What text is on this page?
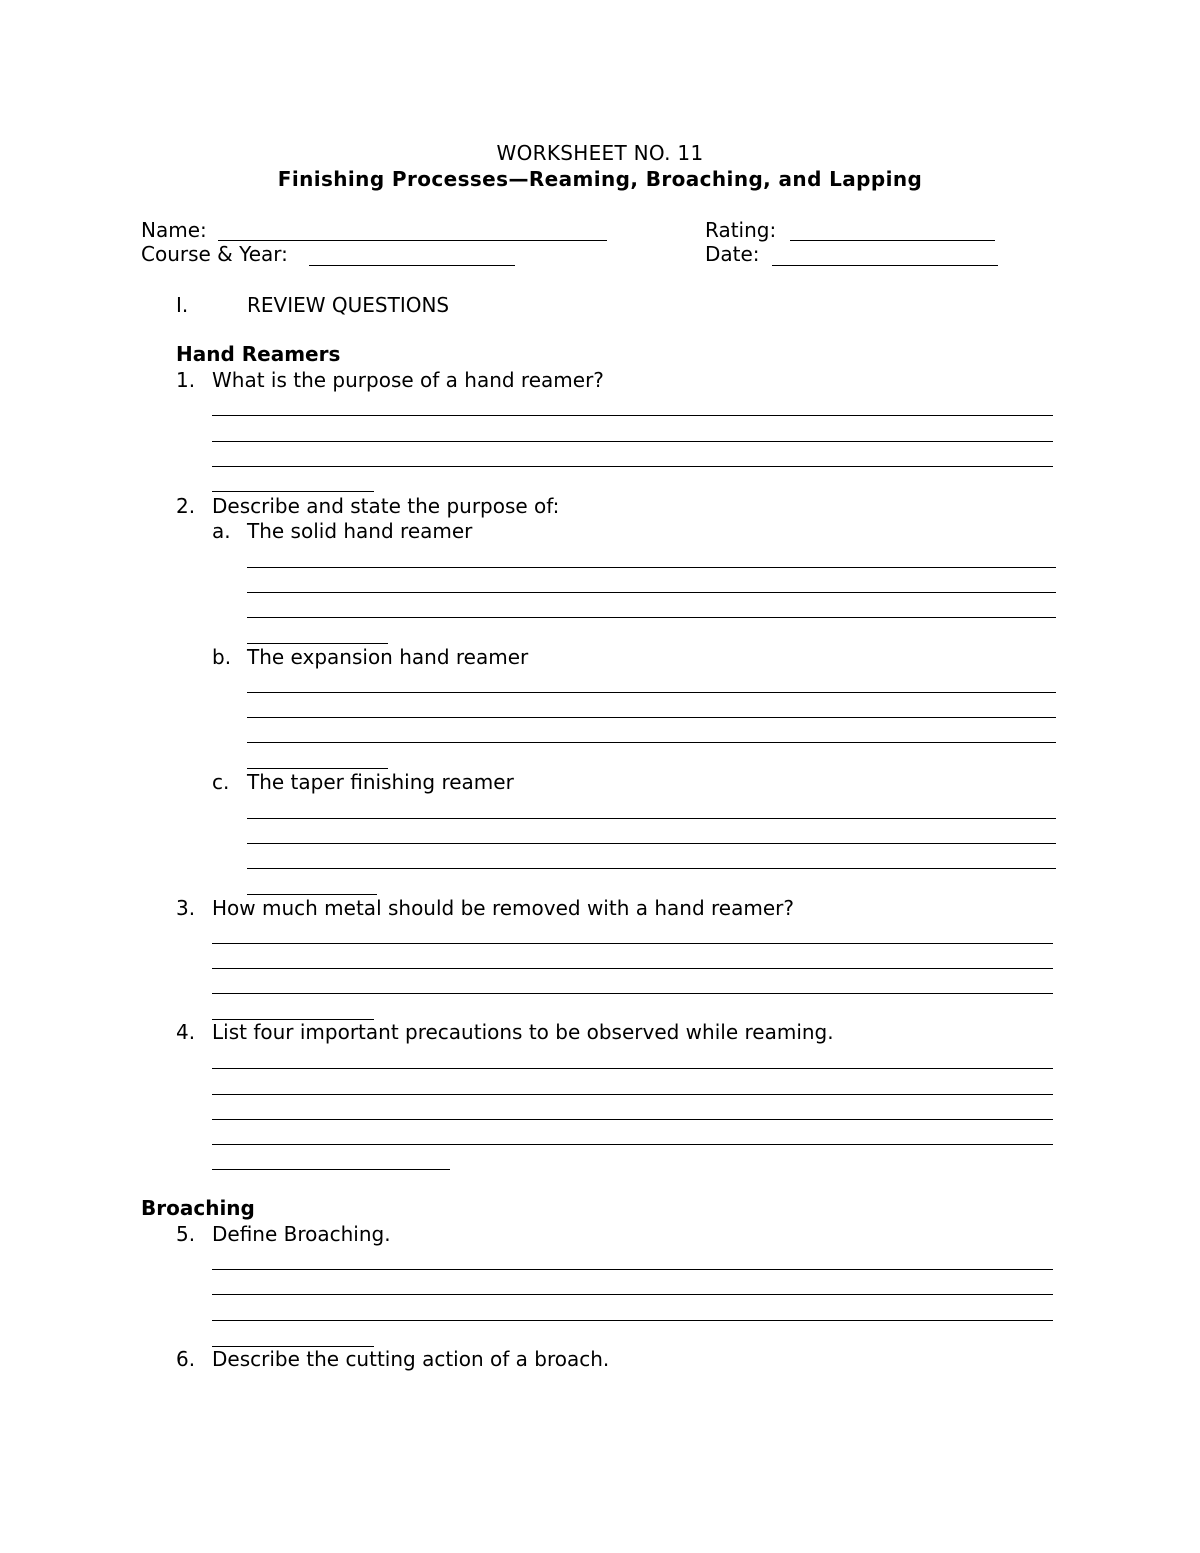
WORKSHEET NO. 11
Finishing Processes—Reaming, Broaching, and Lapping
Name:	Rating:
Course & Year:	Date:
I.	REVIEW QUESTIONS
Hand Reamers
1. What is the purpose of a hand reamer?
2. Describe and state the purpose of:
a. The solid hand reamer
b. The expansion hand reamer
c. The taper finishing reamer
3. How much metal should be removed with a hand reamer?
4. List four important precautions to be observed while reaming.
Broaching
5. Define Broaching.
6. Describe the cutting action of a broach.
